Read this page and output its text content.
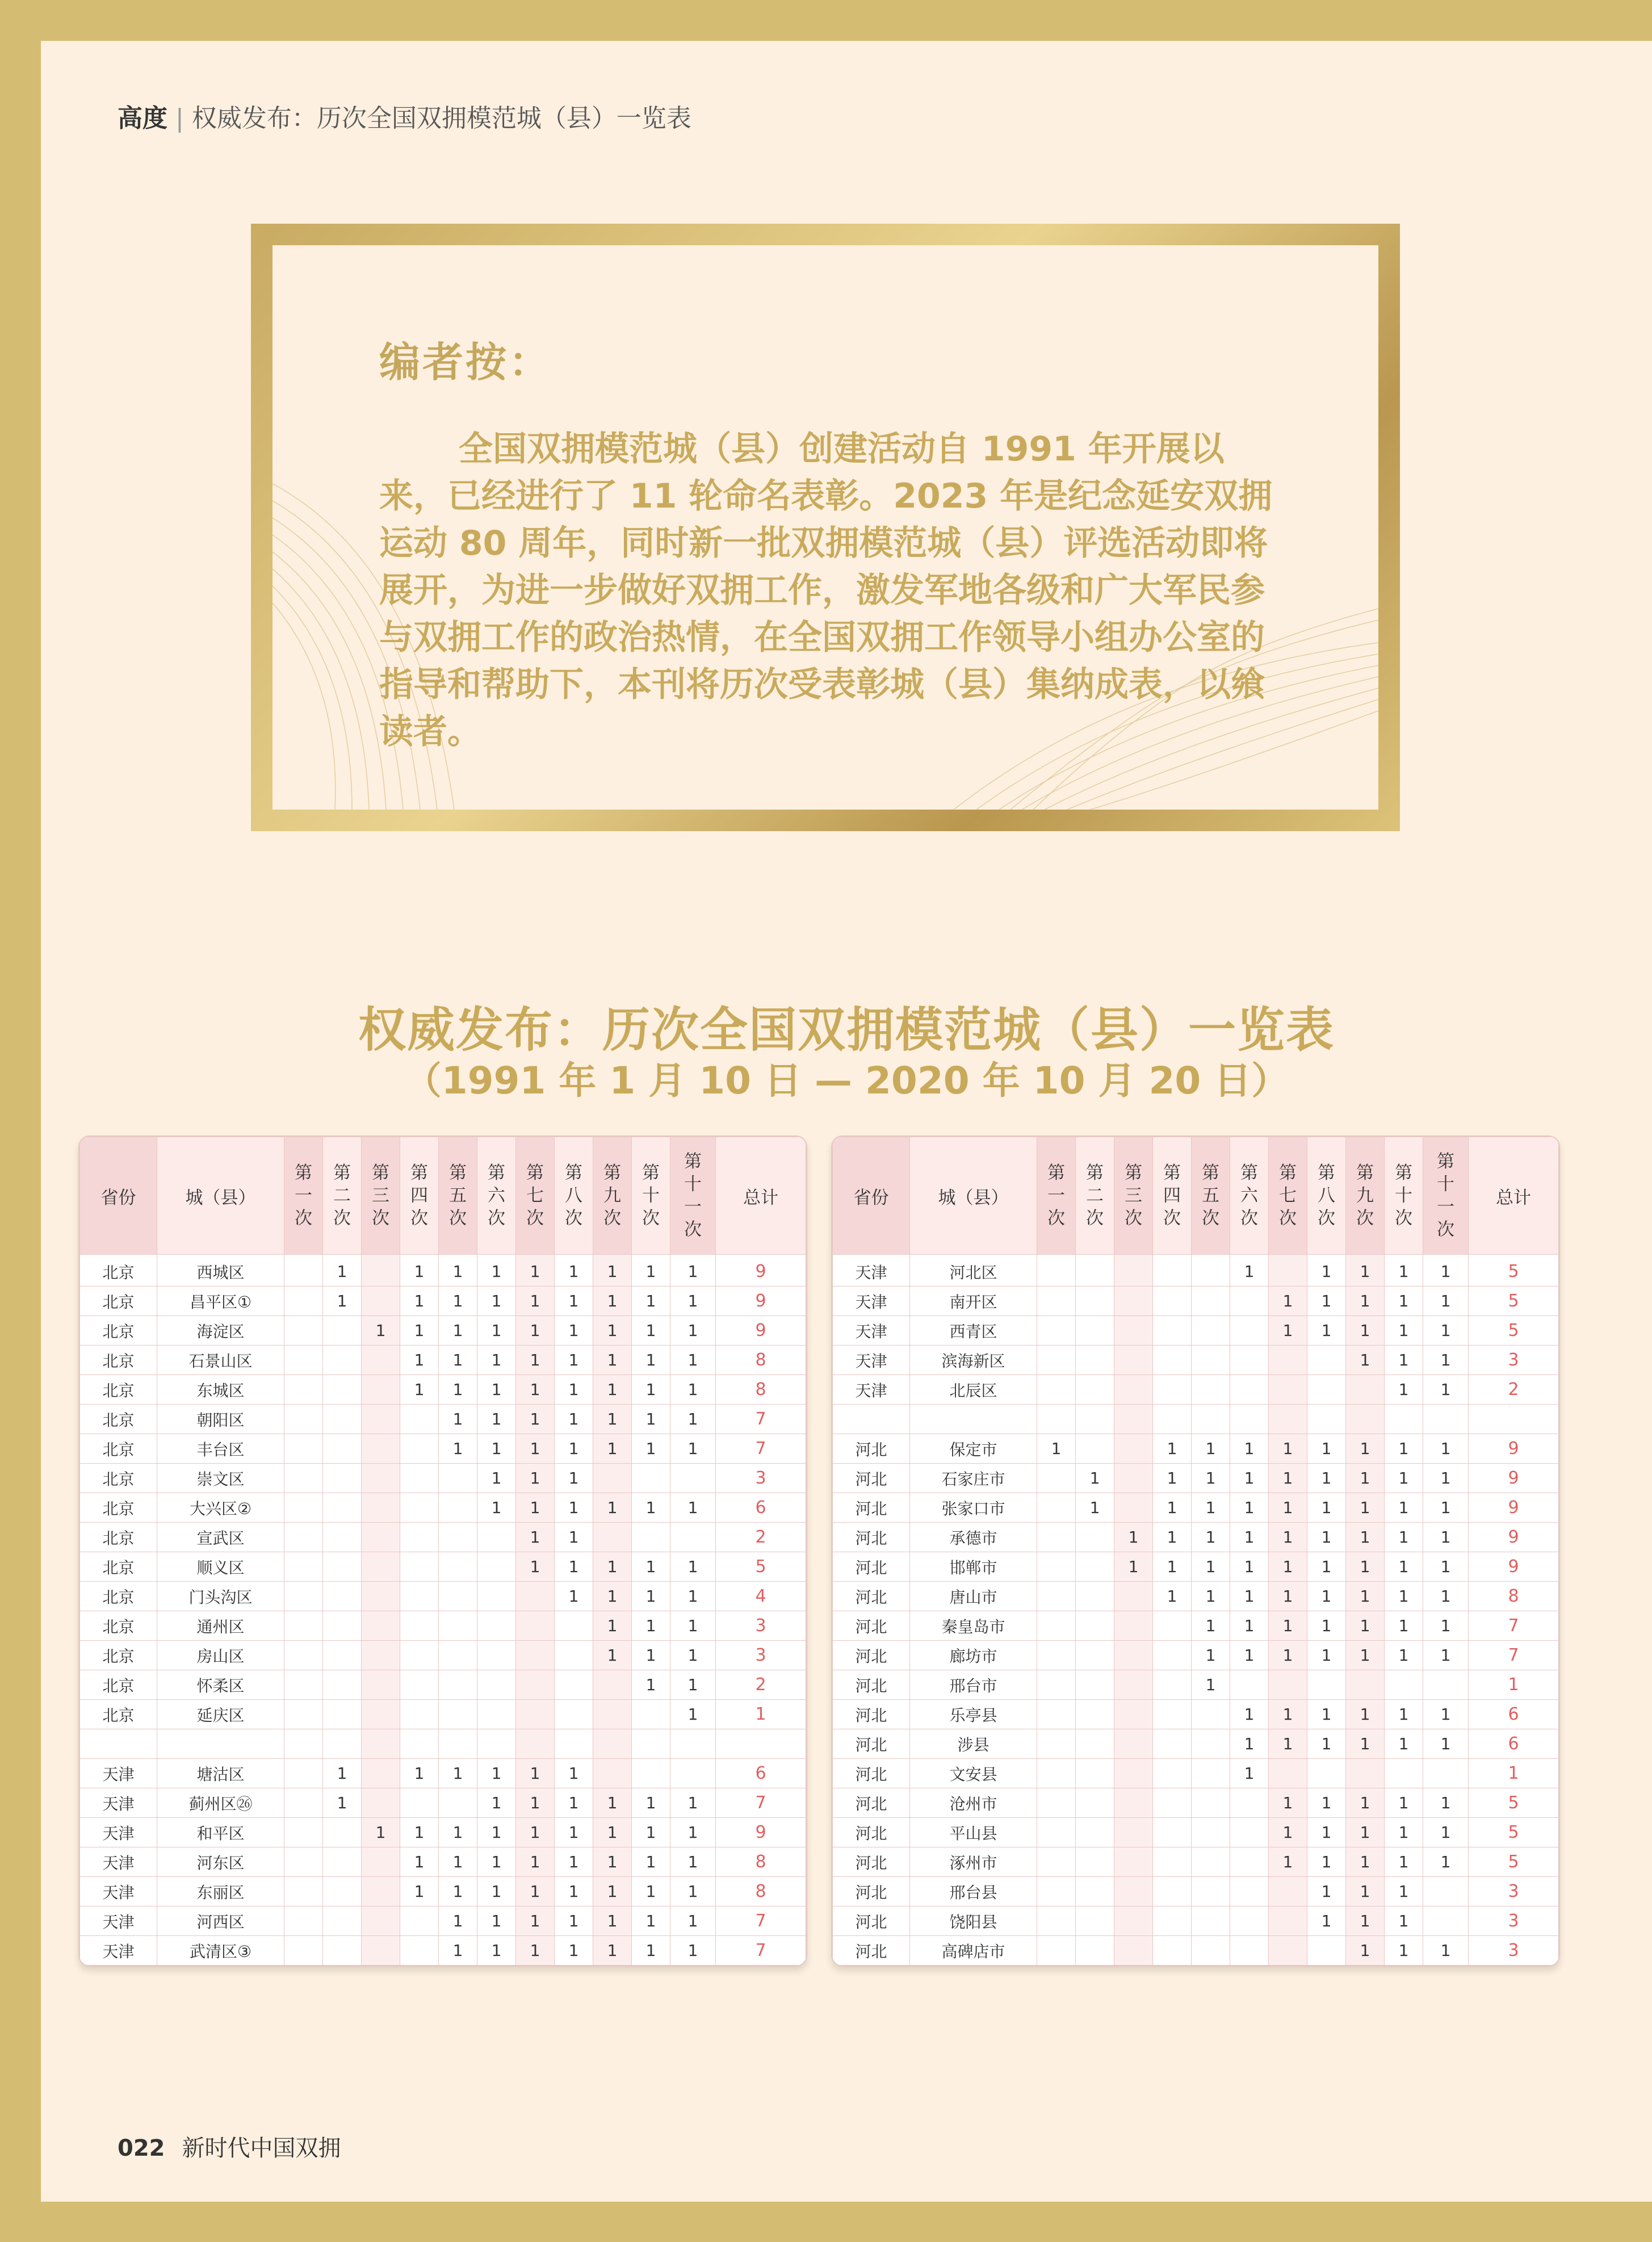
高度 | 权威发布：历次全国双拥模范城（县）一览表
编者按：
全国双拥模范城（县）创建活动自 1991 年开展以来，已经进行了 11 轮命名表彰。2023 年是纪念延安双拥运动 80 周年，同时新一批双拥模范城（县）评选活动即将展开，为进一步做好双拥工作，激发军地各级和广大军民参与双拥工作的政治热情，在全国双拥工作领导小组办公室的指导和帮助下，本刊将历次受表彰城（县）集纳成表，以飨读者。
权威发布：历次全国双拥模范城（县）一览表
（1991 年 1 月 10 日 — 2020 年 10 月 20 日）
省份	城（县）	第一次	第二次	第三次	第四次	第五次	第六次	第七次	第八次	第九次	第十次	第十一次	总计
北京	西城区		1		1	1	1	1	1	1	1	1	9
北京	昌平区①		1		1	1	1	1	1	1	1	1	9
北京	海淀区			1	1	1	1	1	1	1	1	1	9
北京	石景山区				1	1	1	1	1	1	1	1	8
北京	东城区				1	1	1	1	1	1	1	1	8
北京	朝阳区					1	1	1	1	1	1	1	7
北京	丰台区					1	1	1	1	1	1	1	7
北京	崇文区						1	1	1				3
北京	大兴区②						1	1	1	1	1	1	6
北京	宣武区							1	1				2
北京	顺义区							1	1	1	1	1	5
北京	门头沟区								1	1	1	1	4
北京	通州区									1	1	1	3
北京	房山区									1	1	1	3
北京	怀柔区										1	1	2
北京	延庆区											1	1

天津	塘沽区		1		1	1	1	1	1				6
天津	蓟州区㉖		1				1	1	1	1	1	1	7
天津	和平区			1	1	1	1	1	1	1	1	1	9
天津	河东区				1	1	1	1	1	1	1	1	8
天津	东丽区				1	1	1	1	1	1	1	1	8
天津	河西区					1	1	1	1	1	1	1	7
天津	武清区③					1	1	1	1	1	1	1	7
省份	城（县）	第一次	第二次	第三次	第四次	第五次	第六次	第七次	第八次	第九次	第十次	第十一次	总计
天津	河北区						1		1	1	1	1	5
天津	南开区							1	1	1	1	1	5
天津	西青区							1	1	1	1	1	5
天津	滨海新区									1	1	1	3
天津	北辰区										1	1	2

河北	保定市	1			1	1	1	1	1	1	1	1	9
河北	石家庄市		1		1	1	1	1	1	1	1	1	9
河北	张家口市		1		1	1	1	1	1	1	1	1	9
河北	承德市			1	1	1	1	1	1	1	1	1	9
河北	邯郸市			1	1	1	1	1	1	1	1	1	9
河北	唐山市				1	1	1	1	1	1	1	1	8
河北	秦皇岛市					1	1	1	1	1	1	1	7
河北	廊坊市					1	1	1	1	1	1	1	7
河北	邢台市					1							1
河北	乐亭县						1	1	1	1	1	1	6
河北	涉县						1	1	1	1	1	1	6
河北	文安县						1						1
河北	沧州市							1	1	1	1	1	5
河北	平山县							1	1	1	1	1	5
河北	涿州市							1	1	1	1	1	5
河北	邢台县								1	1	1		3
河北	饶阳县								1	1	1		3
河北	高碑店市									1	1	1	3
022 新时代中国双拥
